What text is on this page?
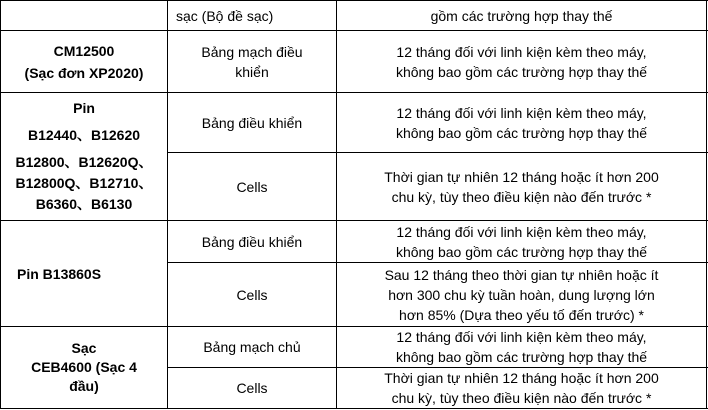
sạc (Bộ đề sạc)	gồm các trường hợp thay thế
CM12500
(Sạc đơn XP2020)
Bảng mạch điều
khiển
12 tháng đối với linh kiện kèm theo máy,
không bao gồm các trường hợp thay thế
Pin
B12440、B12620
B12800、B12620Q、
B12800Q、B12710、
B6360、B6130
Bảng điều khiển
12 tháng đối với linh kiện kèm theo máy,
không bao gồm các trường hợp thay thế
Cells
Thời gian tự nhiên 12 tháng hoặc ít hơn 200
chu kỳ, tùy theo điều kiện nào đến trước *
Pin B13860S
Bảng điều khiển
12 tháng đối với linh kiện kèm theo máy,
không bao gồm các trường hợp thay thế
Cells
Sau 12 tháng theo thời gian tự nhiên hoặc ít
hơn 300 chu kỳ tuần hoàn, dung lượng lớn
hơn 85% (Dựa theo yếu tố đến trước) *
Sạc
CEB4600 (Sạc 4
đầu)
Bảng mạch chủ
12 tháng đối với linh kiện kèm theo máy,
không bao gồm các trường hợp thay thế
Cells
Thời gian tự nhiên 12 tháng hoặc ít hơn 200
chu kỳ, tùy theo điều kiện nào đến trước *
